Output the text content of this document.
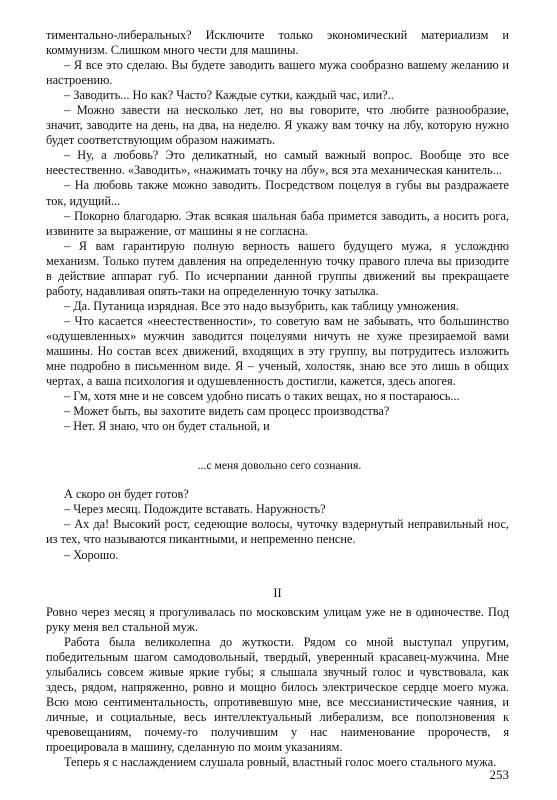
тиментально-либеральных? Исключите только экономический материализм и коммунизм. Слишком много чести для машины.

– Я все это сделаю. Вы будете заводить вашего мужа сообразно вашему желанию и настроению.

– Заводить... Но как? Часто? Каждые сутки, каждый час, или?..

– Можно завести на несколько лет, но вы говорите, что любите разнообразие, значит, заводите на день, на два, на неделю. Я укажу вам точку на лбу, которую нужно будет соответствующим образом нажимать.

– Ну, а любовь? Это деликатный, но самый важный вопрос. Вообще это все неестественно. «Заводить», «нажимать точку на лбу», вся эта механическая канитель...

– На любовь также можно заводить. Посредством поцелуя в губы вы раздражаете ток, идущий...

– Покорно благодарю. Этак всякая шальная баба примется заводить, а носить рога, извините за выражение, от машины я не согласна.

– Я вам гарантирую полную верность вашего будущего мужа, я услождню механизм. Только путем давления на определенную точку правого плеча вы призодите в действие аппарат губ. По исчерпании данной группы движений вы прекращаете работу, надавливая опять-таки на определенную точку затылка.

– Да. Путаница изрядная. Все это надо вызубрить, как таблицу умножения.

– Что касается «неестественности», то советую вам не забывать, что большинство «одушевленных» мужчин заводится поцелуями ничуть не хуже презираемой вами машины. Но состав всех движений, входящих в эту группу, вы потрудитесь изложить мне подробно в письменном виде. Я – ученый, холостяк, знаю все это лишь в общих чертах, а ваша психология и одушевленность достигли, кажется, здесь апогея.

– Гм, хотя мне и не совсем удобно писать о таких вещах, но я постараюсь...

– Может быть, вы захотите видеть сам процесс производства?

– Нет. Я знаю, что он будет стальной, и

...с меня довольно сего сознания.

А скоро он будет готов?

– Через месяц. Подождите вставать. Наружность?

– Ах да! Высокий рост, седеющие волосы, чуточку вздернутый неправильный нос, из тех, что называются пикантными, и непременно пенсне.

– Хорошо.

II

Ровно через месяц я прогуливалась по московским улицам уже не в одиночестве. Под руку меня вел стальной муж.

Работа была великолепна до жуткости. Рядом со мной выступал упругим, победительным шагом самодовольный, твердый, уверенный красавец-мужчина. Мне улыбались совсем живые яркие губы; я слышала звучный голос и чувствовала, как здесь, рядом, напряженно, ровно и мощно билось электрическое сердце моего мужа. Всю мою сентиментальность, опротивевшую мне, все мессианистические чаяния, и личные, и социальные, весь интеллектуальный либерализм, все поползновения к чревовещаниям, почему-то получившим у нас наименование пророчеств, я проецировала в машину, сделанную по моим указаниям.

Теперь я с наслаждением слушала ровный, властный голос моего стального мужа.

253
